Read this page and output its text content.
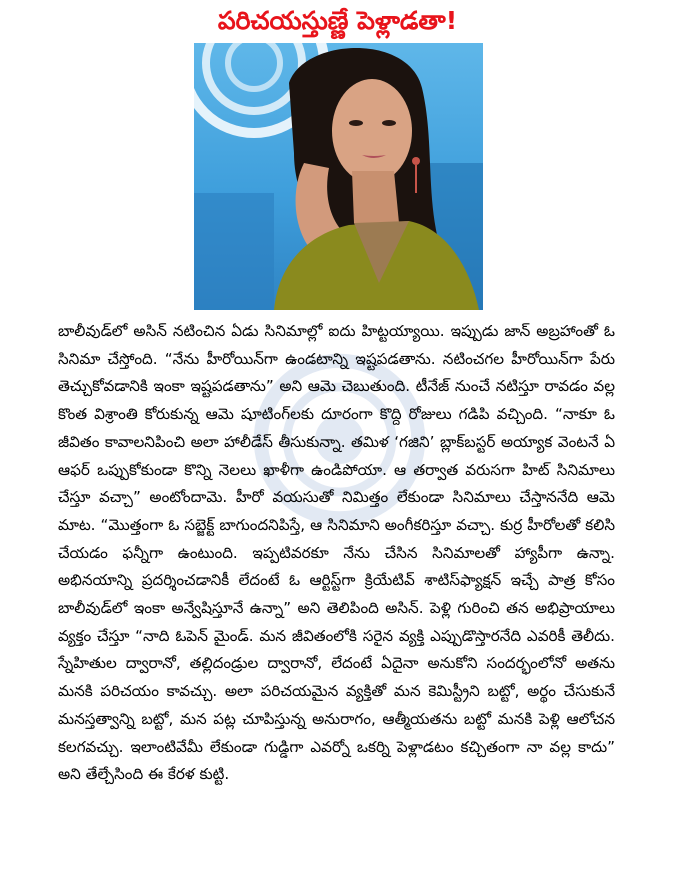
పరిచయస్తుణ్ణే పెళ్లాడతా!

బాలీవుడ్‌లో అసిన్ నటించిన ఏడు సినిమాల్లో ఐదు హిట్టయ్యాయి. ఇప్పుడు జాన్ అబ్రహాంతో ఓ సినిమా చేస్తోంది. “నేను హీరోయిన్‌గా ఉండటాన్ని ఇష్టపడతాను. నటించగల హీరోయిన్‌గా పేరు తెచ్చుకోవడానికి ఇంకా ఇష్టపడతాను” అని ఆమె చెబుతుంది. టీనేజ్ నుంచే నటిస్తూ రావడం వల్ల కొంత విశ్రాంతి కోరుకున్న ఆమె షూటింగ్‌లకు దూరంగా కొద్ది రోజులు గడిపి వచ్చింది. “నాకూ ఓ జీవితం కావాలనిపించి అలా హాలీడేస్ తీసుకున్నా. తమిళ ‘గజిని’ బ్లాక్‌బస్టర్ అయ్యాక వెంటనే ఏ ఆఫర్ ఒప్పుకోకుండా కొన్ని నెలలు ఖాళీగా ఉండిపోయా. ఆ తర్వాత వరుసగా హిట్ సినిమాలు చేస్తూ వచ్చా” అంటోందామె. హీరో వయసుతో నిమిత్తం లేకుండా సినిమాలు చేస్తాననేది ఆమె మాట. “మొత్తంగా ఓ సబ్జెక్ట్ బాగుందనిపిస్తే, ఆ సినిమాని అంగీకరిస్తూ వచ్చా. కుర్ర హీరోలతో కలిసి చేయడం ఫన్నీగా ఉంటుంది. ఇప్పటివరకూ నేను చేసిన సినిమాలతో హ్యాపీగా ఉన్నా. అభినయాన్ని ప్రదర్శించడానికీ లేదంటే ఓ ఆర్టిస్ట్‌గా క్రియేటివ్ శాటిస్‌ఫ్యాక్షన్ ఇచ్చే పాత్ర కోసం బాలీవుడ్‌లో ఇంకా అన్వేషిస్తూనే ఉన్నా” అని తెలిపింది అసిన్. పెళ్లి గురించి తన అభిప్రాయాలు వ్యక్తం చేస్తూ “నాది ఓపెన్ మైండ్. మన జీవితంలోకి సరైన వ్యక్తి ఎప్పుడొస్తారనేది ఎవరికీ తెలీదు. స్నేహితుల ద్వారానో, తల్లిదండ్రుల ద్వారానో, లేదంటే ఏదైనా అనుకోని సందర్భంలోనో అతను మనకి పరిచయం కావచ్చు. అలా పరిచయమైన వ్యక్తితో మన కెమిస్ట్రీని బట్టో, అర్థం చేసుకునే మనస్తత్వాన్ని బట్టో, మన పట్ల చూపిస్తున్న అనురాగం, ఆత్మీయతను బట్టో మనకి పెళ్లి ఆలోచన కలగవచ్చు. ఇలాంటివేమీ లేకుండా గుడ్డిగా ఎవర్నో ఒకర్ని పెళ్లాడటం కచ్చితంగా నా వల్ల కాదు” అని తేల్చేసింది ఈ కేరళ కుట్టి.
